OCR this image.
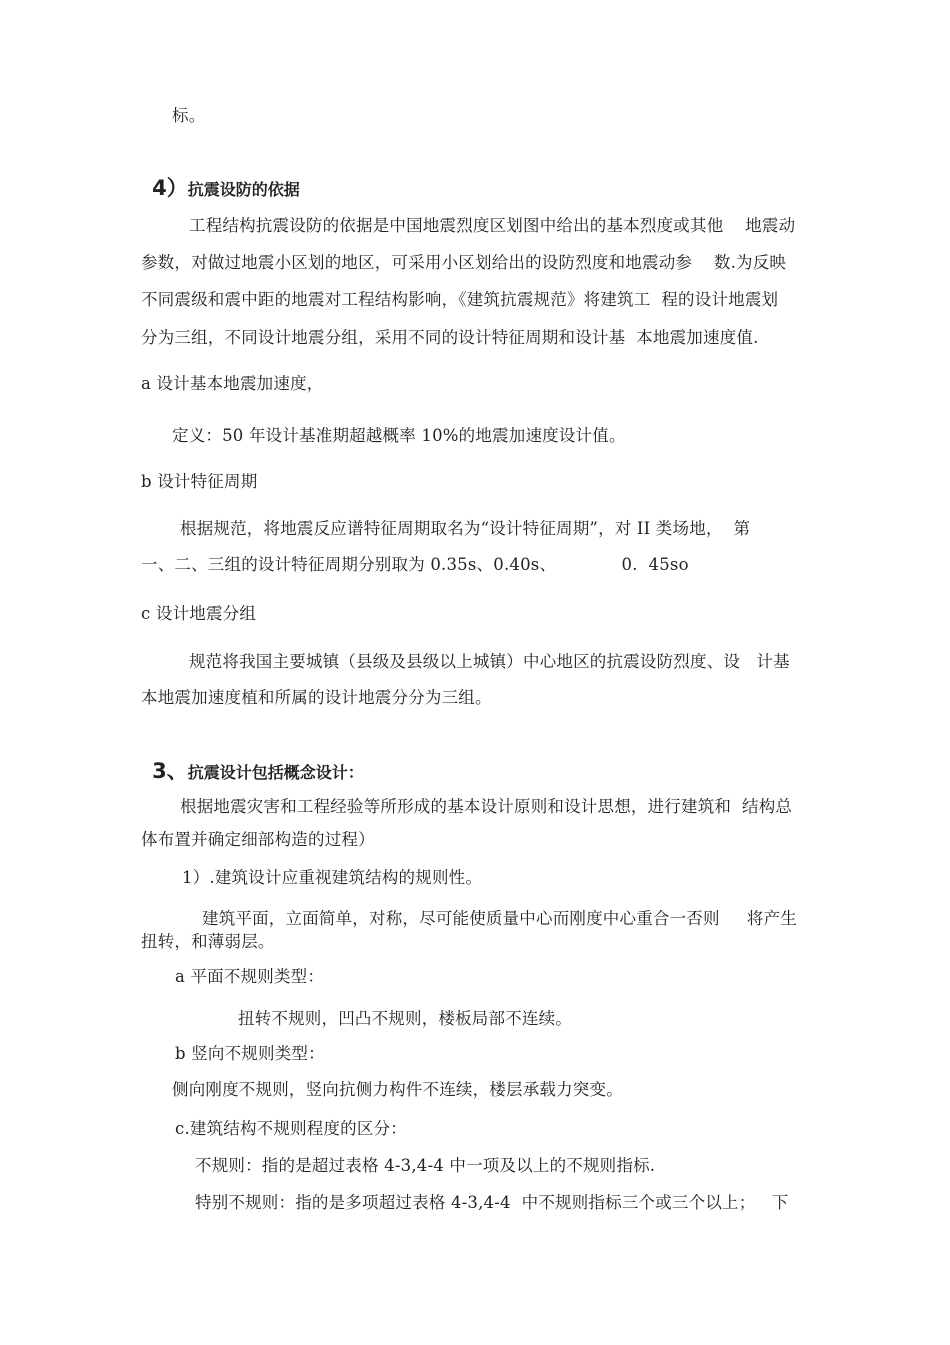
标。

4）抗震设防的依据

工程结构抗震设防的依据是中国地震烈度区划图中给出的基本烈度或其他    地震动
参数，对做过地震小区划的地区，可采用小区划给出的设防烈度和地震动参    数.为反映
不同震级和震中距的地震对工程结构影响，《建筑抗震规范》将建筑工  程的设计地震划
分为三组，不同设计地震分组，采用不同的设计特征周期和设计基  本地震加速度值.
a 设计基本地震加速度，
定义：50 年设计基准期超越概率 10%的地震加速度设计值。
b 设计特征周期
根据规范，将地震反应谱特征周期取名为“设计特征周期”，对 II 类场地，  第
一、二、三组的设计特征周期分别取为 0.35s、0.40s、            0.  45so
c 设计地震分组
规范将我国主要城镇（县级及县级以上城镇）中心地区的抗震设防烈度、设   计基
本地震加速度植和所属的设计地震分分为三组。

3、抗震设计包括概念设计：

根据地震灾害和工程经验等所形成的基本设计原则和设计思想，进行建筑和  结构总
体布置并确定细部构造的过程）
1）.建筑设计应重视建筑结构的规则性。
建筑平面，立面简单，对称，尽可能使质量中心而刚度中心重合一否则     将产生
扭转，和薄弱层。
a 平面不规则类型：
扭转不规则，凹凸不规则，楼板局部不连续。
b 竖向不规则类型：
侧向刚度不规则，竖向抗侧力构件不连续，楼层承载力突变。
c.建筑结构不规则程度的区分：
不规则：指的是超过表格 4-3,4-4 中一项及以上的不规则指标.
特别不规则：指的是多项超过表格 4-3,4-4  中不规则指标三个或三个以上；   下
